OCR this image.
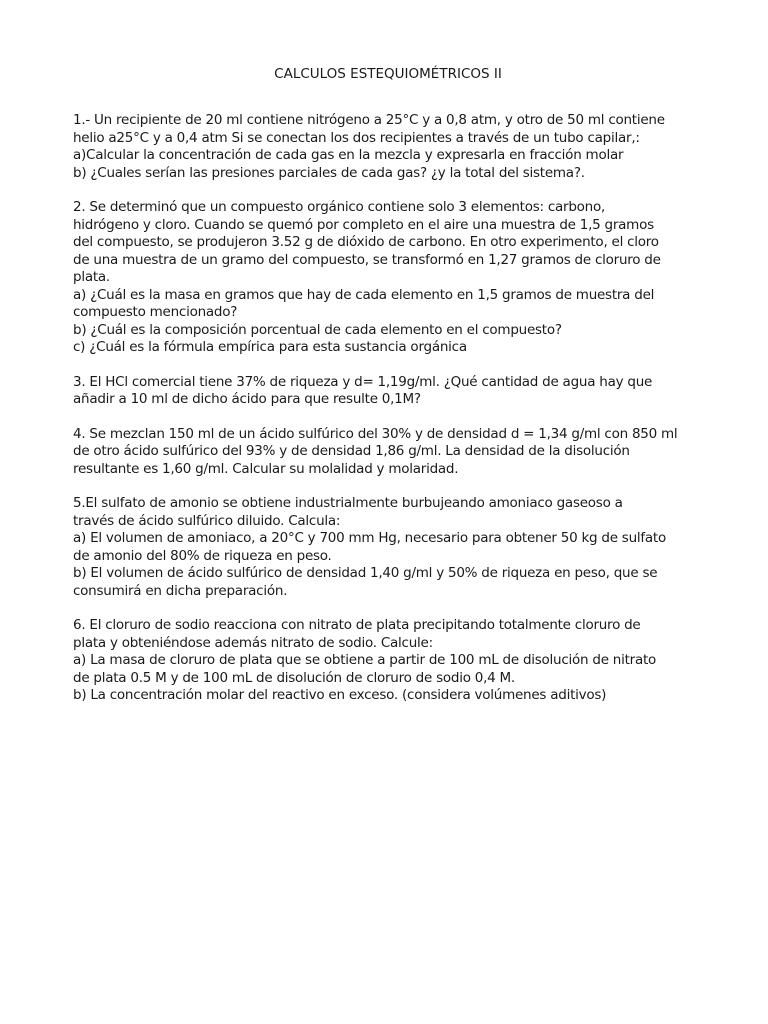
CALCULOS ESTEQUIOMÉTRICOS II
1.- Un recipiente de 20 ml contiene nitrógeno a 25°C y a 0,8 atm, y otro de 50 ml contiene
helio a25°C y a 0,4 atm Si se conectan los dos recipientes a través de un tubo capilar,:
a)Calcular la concentración de cada gas en la mezcla y expresarla en fracción molar
b) ¿Cuales serían las presiones parciales de cada gas? ¿y la total del sistema?.
2. Se determinó que un compuesto orgánico contiene solo 3 elementos: carbono,
hidrógeno y cloro. Cuando se quemó por completo en el aire una muestra de 1,5 gramos
del compuesto, se produjeron 3.52 g de dióxido de carbono. En otro experimento, el cloro
de una muestra de un gramo del compuesto, se transformó en 1,27 gramos de cloruro de
plata.
a) ¿Cuál es la masa en gramos que hay de cada elemento en 1,5 gramos de muestra del
compuesto mencionado?
b) ¿Cuál es la composición porcentual de cada elemento en el compuesto?
c) ¿Cuál es la fórmula empírica para esta sustancia orgánica
3. El HCl comercial tiene 37% de riqueza y d= 1,19g/ml. ¿Qué cantidad de agua hay que
añadir a 10 ml de dicho ácido para que resulte 0,1M?
4. Se mezclan 150 ml de un ácido sulfúrico del 30% y de densidad d = 1,34 g/ml con 850 ml
de otro ácido sulfúrico del 93% y de densidad 1,86 g/ml. La densidad de la disolución
resultante es 1,60 g/ml. Calcular su molalidad y molaridad.
5.El sulfato de amonio se obtiene industrialmente burbujeando amoniaco gaseoso a
través de ácido sulfúrico diluido. Calcula:
a) El volumen de amoniaco, a 20°C y 700 mm Hg, necesario para obtener 50 kg de sulfato
de amonio del 80% de riqueza en peso.
b) El volumen de ácido sulfúrico de densidad 1,40 g/ml y 50% de riqueza en peso, que se
consumirá en dicha preparación.
6. El cloruro de sodio reacciona con nitrato de plata precipitando totalmente cloruro de
plata y obteniéndose además nitrato de sodio. Calcule:
a) La masa de cloruro de plata que se obtiene a partir de 100 mL de disolución de nitrato
de plata 0.5 M y de 100 mL de disolución de cloruro de sodio 0,4 M.
b) La concentración molar del reactivo en exceso. (considera volúmenes aditivos)
